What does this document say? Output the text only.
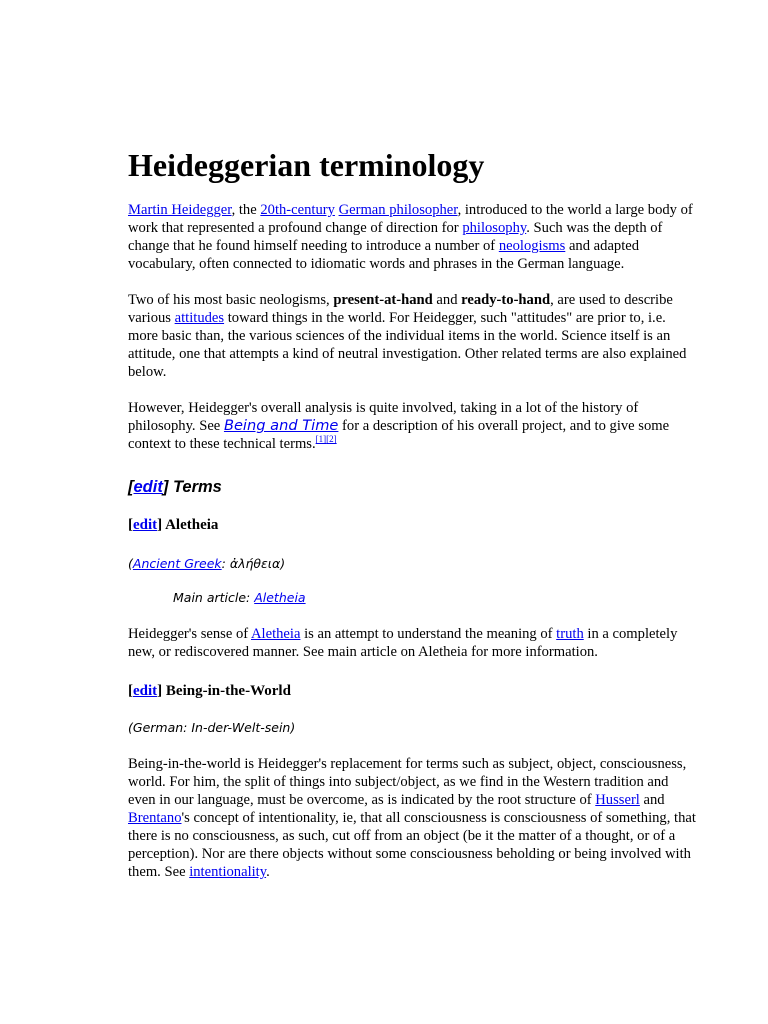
Heideggerian terminology

Martin Heidegger, the 20th-century German philosopher, introduced to the world a large body of work that represented a profound change of direction for philosophy. Such was the depth of change that he found himself needing to introduce a number of neologisms and adapted vocabulary, often connected to idiomatic words and phrases in the German language.

Two of his most basic neologisms, present-at-hand and ready-to-hand, are used to describe various attitudes toward things in the world. For Heidegger, such "attitudes" are prior to, i.e. more basic than, the various sciences of the individual items in the world. Science itself is an attitude, one that attempts a kind of neutral investigation. Other related terms are also explained below.

However, Heidegger's overall analysis is quite involved, taking in a lot of the history of philosophy. See Being and Time for a description of his overall project, and to give some context to these technical terms.[1][2]

[edit] Terms
[edit] Aletheia

(Ancient Greek: ἀλήθεια)

Main article: Aletheia

Heidegger's sense of Aletheia is an attempt to understand the meaning of truth in a completely new, or rediscovered manner. See main article on Aletheia for more information.

[edit] Being-in-the-World

(German: In-der-Welt-sein)

Being-in-the-world is Heidegger's replacement for terms such as subject, object, consciousness, world. For him, the split of things into subject/object, as we find in the Western tradition and even in our language, must be overcome, as is indicated by the root structure of Husserl and Brentano's concept of intentionality, ie, that all consciousness is consciousness of something, that there is no consciousness, as such, cut off from an object (be it the matter of a thought, or of a perception). Nor are there objects without some consciousness beholding or being involved with them. See intentionality.
